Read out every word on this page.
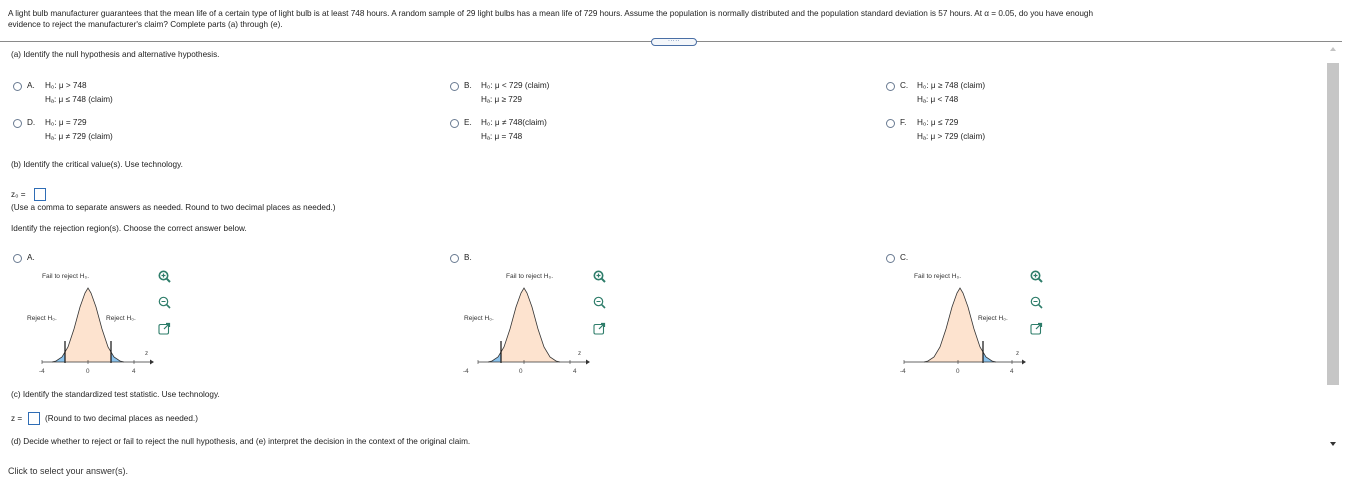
A light bulb manufacturer guarantees that the mean life of a certain type of light bulb is at least 748 hours. A random sample of 29 light bulbs has a mean life of 729 hours. Assume the population is normally distributed and the population standard deviation is 57 hours. At α = 0.05, do you have enough
evidence to reject the manufacturer's claim? Complete parts (a) through (e).
·····
(a) Identify the null hypothesis and alternative hypothesis.
A. H₀: μ > 748
Hₐ: μ ≤ 748 (claim)
B. H₀: μ < 729 (claim)
Hₐ: μ ≥ 729
C. H₀: μ ≥ 748 (claim)
Hₐ: μ < 748
D. H₀: μ = 729
Hₐ: μ ≠ 729 (claim)
E. H₀: μ ≠ 748(claim)
Hₐ: μ = 748
F. H₀: μ ≤ 729
Hₐ: μ > 729 (claim)
(b) Identify the critical value(s). Use technology.
z₀ =
(Use a comma to separate answers as needed. Round to two decimal places as needed.)
Identify the rejection region(s). Choose the correct answer below.
A.
Fail to reject H₀.
Reject H₀.	Reject H₀.
-4	0	4
z
B.
Fail to reject H₀.
Reject H₀.
-4	0	4
z
C.
Fail to reject H₀.
Reject H₀.
-4	0	4
z
(c) Identify the standardized test statistic. Use technology.
z =	(Round to two decimal places as needed.)
(d) Decide whether to reject or fail to reject the null hypothesis, and (e) interpret the decision in the context of the original claim.
Click to select your answer(s).
